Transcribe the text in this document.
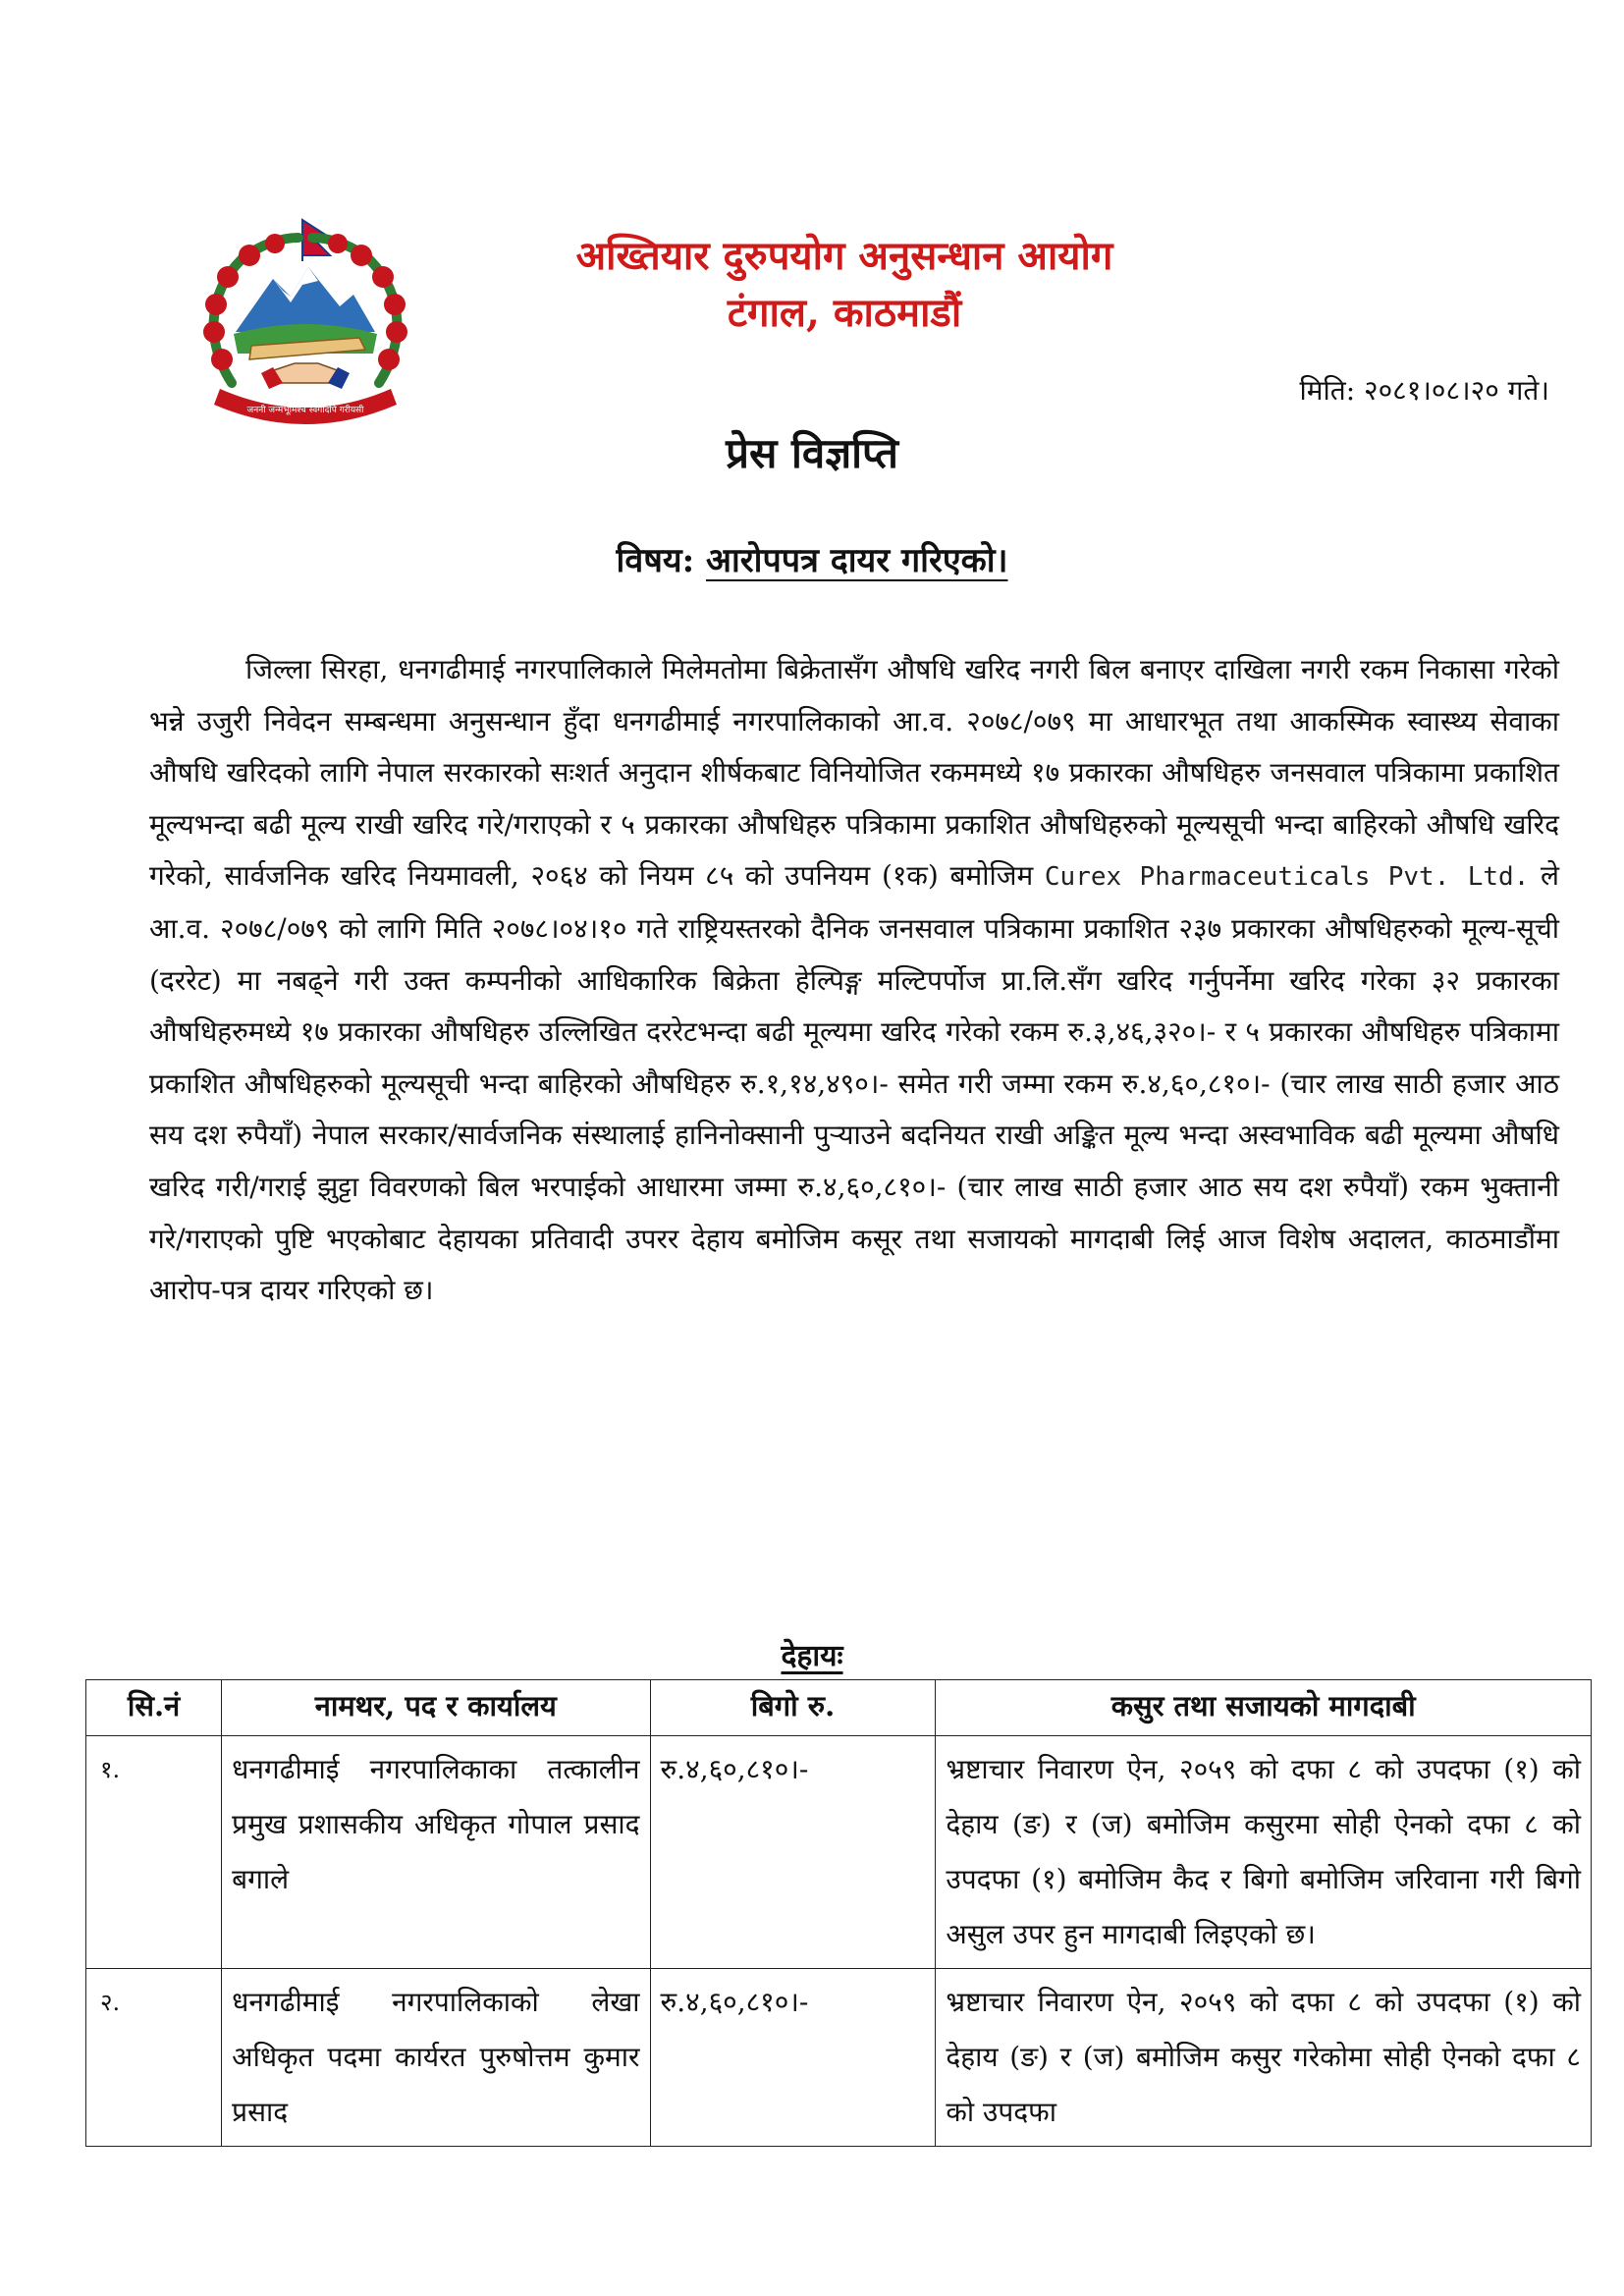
जननी जन्मभूमिश्च स्वर्गादपि गरीयसी
अख्तियार दुरुपयोग अनुसन्धान आयोग
टंगाल, काठमाडौं
मिति: २०८१।०८।२० गते।
प्रेस विज्ञप्ति
विषय: आरोपपत्र दायर गरिएको।

जिल्ला सिरहा, धनगढीमाई नगरपालिकाले मिलेमतोमा बिक्रेतासँग औषधि खरिद नगरी बिल बनाएर दाखिला नगरी रकम निकासा गरेको भन्ने उजुरी निवेदन सम्बन्धमा अनुसन्धान हुँदा धनगढीमाई नगरपालिकाको आ.व. २०७८/०७९ मा आधारभूत तथा आकस्मिक स्वास्थ्य सेवाका औषधि खरिदको लागि नेपाल सरकारको सःशर्त अनुदान शीर्षकबाट विनियोजित रकममध्ये १७ प्रकारका औषधिहरु जनसवाल पत्रिकामा प्रकाशित मूल्यभन्दा बढी मूल्य राखी खरिद गरे/गराएको र ५ प्रकारका औषधिहरु पत्रिकामा प्रकाशित औषधिहरुको मूल्यसूची भन्दा बाहिरको औषधि खरिद गरेको, सार्वजनिक खरिद नियमावली, २०६४ को नियम ८५ को उपनियम (१क) बमोजिम Curex Pharmaceuticals Pvt. Ltd. ले आ.व. २०७८/०७९ को लागि मिति २०७८।०४।१० गते राष्ट्रियस्तरको दैनिक जनसवाल पत्रिकामा प्रकाशित २३७ प्रकारका औषधिहरुको मूल्य-सूची (दररेट) मा नबढ्ने गरी उक्त कम्पनीको आधिकारिक बिक्रेता हेल्पिङ्ग मल्टिपर्पोज प्रा.लि.सँग खरिद गर्नुपर्नेमा खरिद गरेका ३२ प्रकारका औषधिहरुमध्ये १७ प्रकारका औषधिहरु उल्लिखित दररेटभन्दा बढी मूल्यमा खरिद गरेको रकम रु.३,४६,३२०।- र ५ प्रकारका औषधिहरु पत्रिकामा प्रकाशित औषधिहरुको मूल्यसूची भन्दा बाहिरको औषधिहरु रु.१,१४,४९०।- समेत गरी जम्मा रकम रु.४,६०,८१०।- (चार लाख साठी हजार आठ सय दश रुपैयाँ) नेपाल सरकार/सार्वजनिक संस्थालाई हानिनोक्सानी पुऱ्याउने बदनियत राखी अङ्कित मूल्य भन्दा अस्वभाविक बढी मूल्यमा औषधि खरिद गरी/गराई झुट्टा विवरणको बिल भरपाईको आधारमा जम्मा रु.४,६०,८१०।- (चार लाख साठी हजार आठ सय दश रुपैयाँ) रकम भुक्तानी गरे/गराएको पुष्टि भएकोबाट देहायका प्रतिवादी उपरर देहाय बमोजिम कसूर तथा सजायको मागदाबी लिई आज विशेष अदालत, काठमाडौंमा आरोप-पत्र दायर गरिएको छ।

देहायः
सि.नं	नामथर, पद र कार्यालय	बिगो रु.	कसुर तथा सजायको मागदाबी
१.	धनगढीमाई नगरपालिकाका तत्कालीन प्रमुख प्रशासकीय अधिकृत गोपाल प्रसाद बगाले	रु.४,६०,८१०।-	भ्रष्टाचार निवारण ऐन, २०५९ को दफा ८ को उपदफा (१) को देहाय (ङ) र (ज) बमोजिम कसुरमा सोही ऐनको दफा ८ को उपदफा (१) बमोजिम कैद र बिगो बमोजिम जरिवाना गरी बिगो असुल उपर हुन मागदाबी लिइएको छ।
२.	धनगढीमाई नगरपालिकाको लेखा अधिकृत पदमा कार्यरत पुरुषोत्तम कुमार प्रसाद	रु.४,६०,८१०।-	भ्रष्टाचार निवारण ऐन, २०५९ को दफा ८ को उपदफा (१) को देहाय (ङ) र (ज) बमोजिम कसुर गरेकोमा सोही ऐनको दफा ८ को उपदफा
